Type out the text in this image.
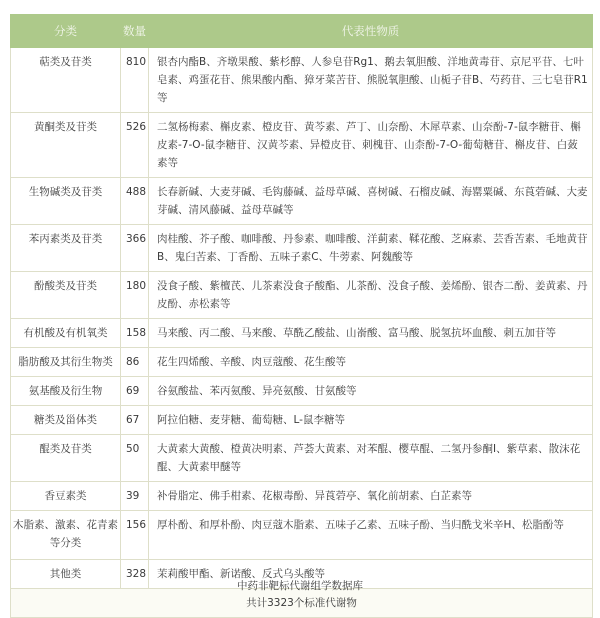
分类	数量	代表性物质
萜类及苷类	810	银杏内酯B、齐墩果酸、紫杉醇、人参皂苷Rg1、鹅去氧胆酸、洋地黄毒苷、京尼平苷、七叶皂素、鸡蛋花苷、熊果酸内酯、獐牙菜苦苷、熊脱氧胆酸、山栀子苷B、芍药苷、三七皂苷R1等
黄酮类及苷类	526	二氢杨梅素、槲皮素、橙皮苷、黄芩素、芦丁、山奈酚、木犀草素、山奈酚-7-鼠李糖苷、槲皮素-7-O-鼠李糖苷、汉黄芩素、异橙皮苷、刺槐苷、山柰酚-7-O-葡萄糖苷、槲皮苷、白蔹素等
生物碱类及苷类	488	长春新碱、大麦芽碱、毛钩藤碱、益母草碱、喜树碱、石榴皮碱、海罂粟碱、东莨菪碱、大麦芽碱、清风藤碱、益母草碱等
苯丙素类及苷类	366	肉桂酸、芥子酸、咖啡酸、丹参素、咖啡酸、洋蓟素、鞣花酸、芝麻素、芸香苦素、毛地黄苷B、鬼臼苦素、丁香酚、五味子素C、牛蒡素、阿魏酸等
酚酸类及苷类	180	没食子酸、紫檀芪、儿茶素没食子酸酯、儿茶酚、没食子酸、姜烯酚、银杏二酚、姜黄素、丹皮酚、赤松素等
有机酸及有机氧类	158	马来酸、丙二酸、马来酸、草酰乙酸盐、山嵛酸、富马酸、脱氢抗坏血酸、刺五加苷等
脂肪酸及其衍生物类	86	花生四烯酸、辛酸、肉豆蔻酸、花生酸等
氨基酸及衍生物	69	谷氨酸盐、苯丙氨酸、异亮氨酸、甘氨酸等
糖类及甾体类	67	阿拉伯糖、麦芽糖、葡萄糖、L-鼠李糖等
醌类及苷类	50	大黄素大黄酸、橙黄决明素、芦荟大黄素、对苯醌、樱草醌、二氢丹参酮Ⅰ、紫草素、散沫花醌、大黄素甲醚等
香豆素类	39	补骨脂定、佛手柑素、花椒毒酚、异莨菪亭、氧化前胡素、白芷素等
木脂素、激素、花青素等分类	156	厚朴酚、和厚朴酚、肉豆蔻木脂素、五味子乙素、五味子酚、当归酰戈米辛H、松脂酚等
其他类	328	茉莉酸甲酯、新诺酸、反式乌头酸等
共计3323个标准代谢物		
中药非靶标代谢组学数据库
